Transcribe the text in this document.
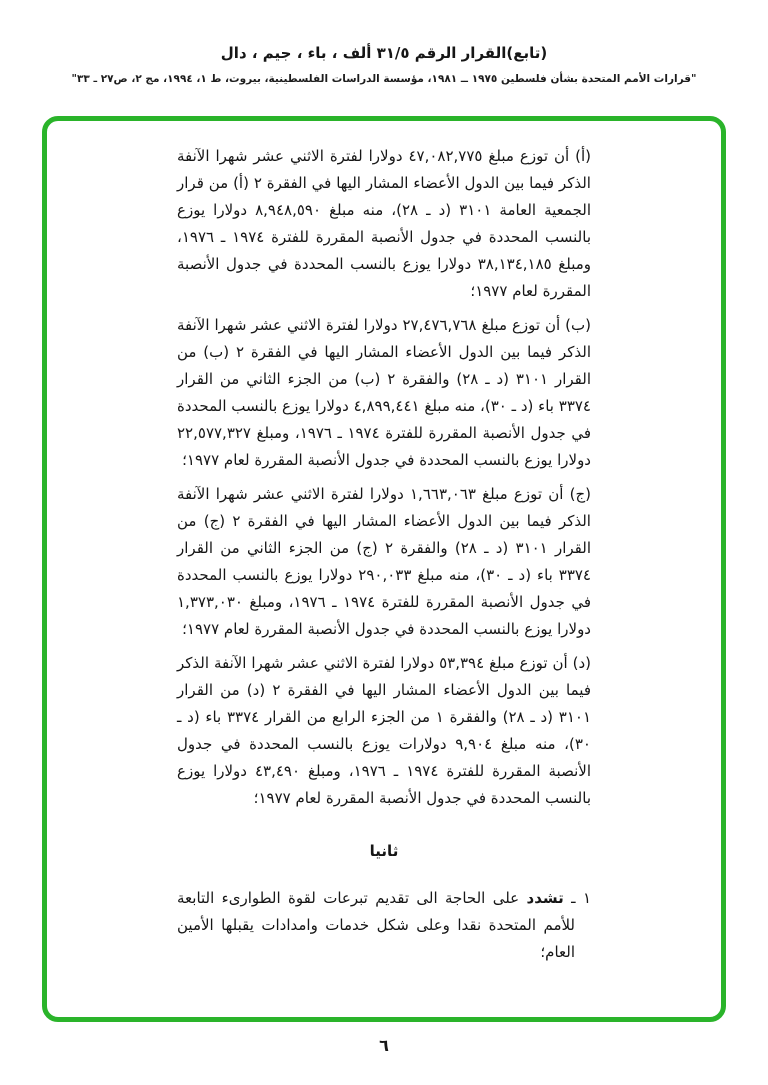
(تابع)القرار الرقم ٣١/٥ ألف ، باء ، جيم ، دال
"قرارات الأمم المتحدة بشأن فلسطين ١٩٧٥ ــ ١٩٨١، مؤسسة الدراسات الفلسطينية، بيروت، ط ١، ١٩٩٤، مج ٢، ص٢٧ ـ ٣٣"

(أ) أن توزع مبلغ ٤٧,٠٨٢,٧٧٥ دولارا لفترة الاثني عشر شهرا الآنفة الذكر فيما بين الدول الأعضاء المشار اليها في الفقرة ٢ (أ) من قرار الجمعية العامة ٣١٠١ (د ـ ٢٨)، منه مبلغ ٨,٩٤٨,٥٩٠ دولارا يوزع بالنسب المحددة في جدول الأنصبة المقررة للفترة ١٩٧٤ ـ ١٩٧٦، ومبلغ ٣٨,١٣٤,١٨٥ دولارا يوزع بالنسب المحددة في جدول الأنصبة المقررة لعام ١٩٧٧؛

(ب) أن توزع مبلغ ٢٧,٤٧٦,٧٦٨ دولارا لفترة الاثني عشر شهرا الآنفة الذكر فيما بين الدول الأعضاء المشار اليها في الفقرة ٢ (ب) من القرار ٣١٠١ (د ـ ٢٨) والفقرة ٢ (ب) من الجزء الثاني من القرار ٣٣٧٤ باء (د ـ ٣٠)، منه مبلغ ٤,٨٩٩,٤٤١ دولارا يوزع بالنسب المحددة في جدول الأنصبة المقررة للفترة ١٩٧٤ ـ ١٩٧٦، ومبلغ ٢٢,٥٧٧,٣٢٧ دولارا يوزع بالنسب المحددة في جدول الأنصبة المقررة لعام ١٩٧٧؛

(ج) أن توزع مبلغ ١,٦٦٣,٠٦٣ دولارا لفترة الاثني عشر شهرا الآنفة الذكر فيما بين الدول الأعضاء المشار اليها في الفقرة ٢ (ج) من القرار ٣١٠١ (د ـ ٢٨) والفقرة ٢ (ج) من الجزء الثاني من القرار ٣٣٧٤ باء (د ـ ٣٠)، منه مبلغ ٢٩٠,٠٣٣ دولارا يوزع بالنسب المحددة في جدول الأنصبة المقررة للفترة ١٩٧٤ ـ ١٩٧٦، ومبلغ ١,٣٧٣,٠٣٠ دولارا يوزع بالنسب المحددة في جدول الأنصبة المقررة لعام ١٩٧٧؛

(د) أن توزع مبلغ ٥٣,٣٩٤ دولارا لفترة الاثني عشر شهرا الآنفة الذكر فيما بين الدول الأعضاء المشار اليها في الفقرة ٢ (د) من القرار ٣١٠١ (د ـ ٢٨) والفقرة ١ من الجزء الرابع من القرار ٣٣٧٤ باء (د ـ ٣٠)، منه مبلغ ٩,٩٠٤ دولارات يوزع بالنسب المحددة في جدول الأنصبة المقررة للفترة ١٩٧٤ ـ ١٩٧٦، ومبلغ ٤٣,٤٩٠ دولارا يوزع بالنسب المحددة في جدول الأنصبة المقررة لعام ١٩٧٧؛

ثانيا

١ ـ تشدد على الحاجة الى تقديم تبرعات لقوة الطوارىء التابعة للأمم المتحدة نقدا وعلى شكل خدمات وامدادات يقبلها الأمين العام؛

٦
